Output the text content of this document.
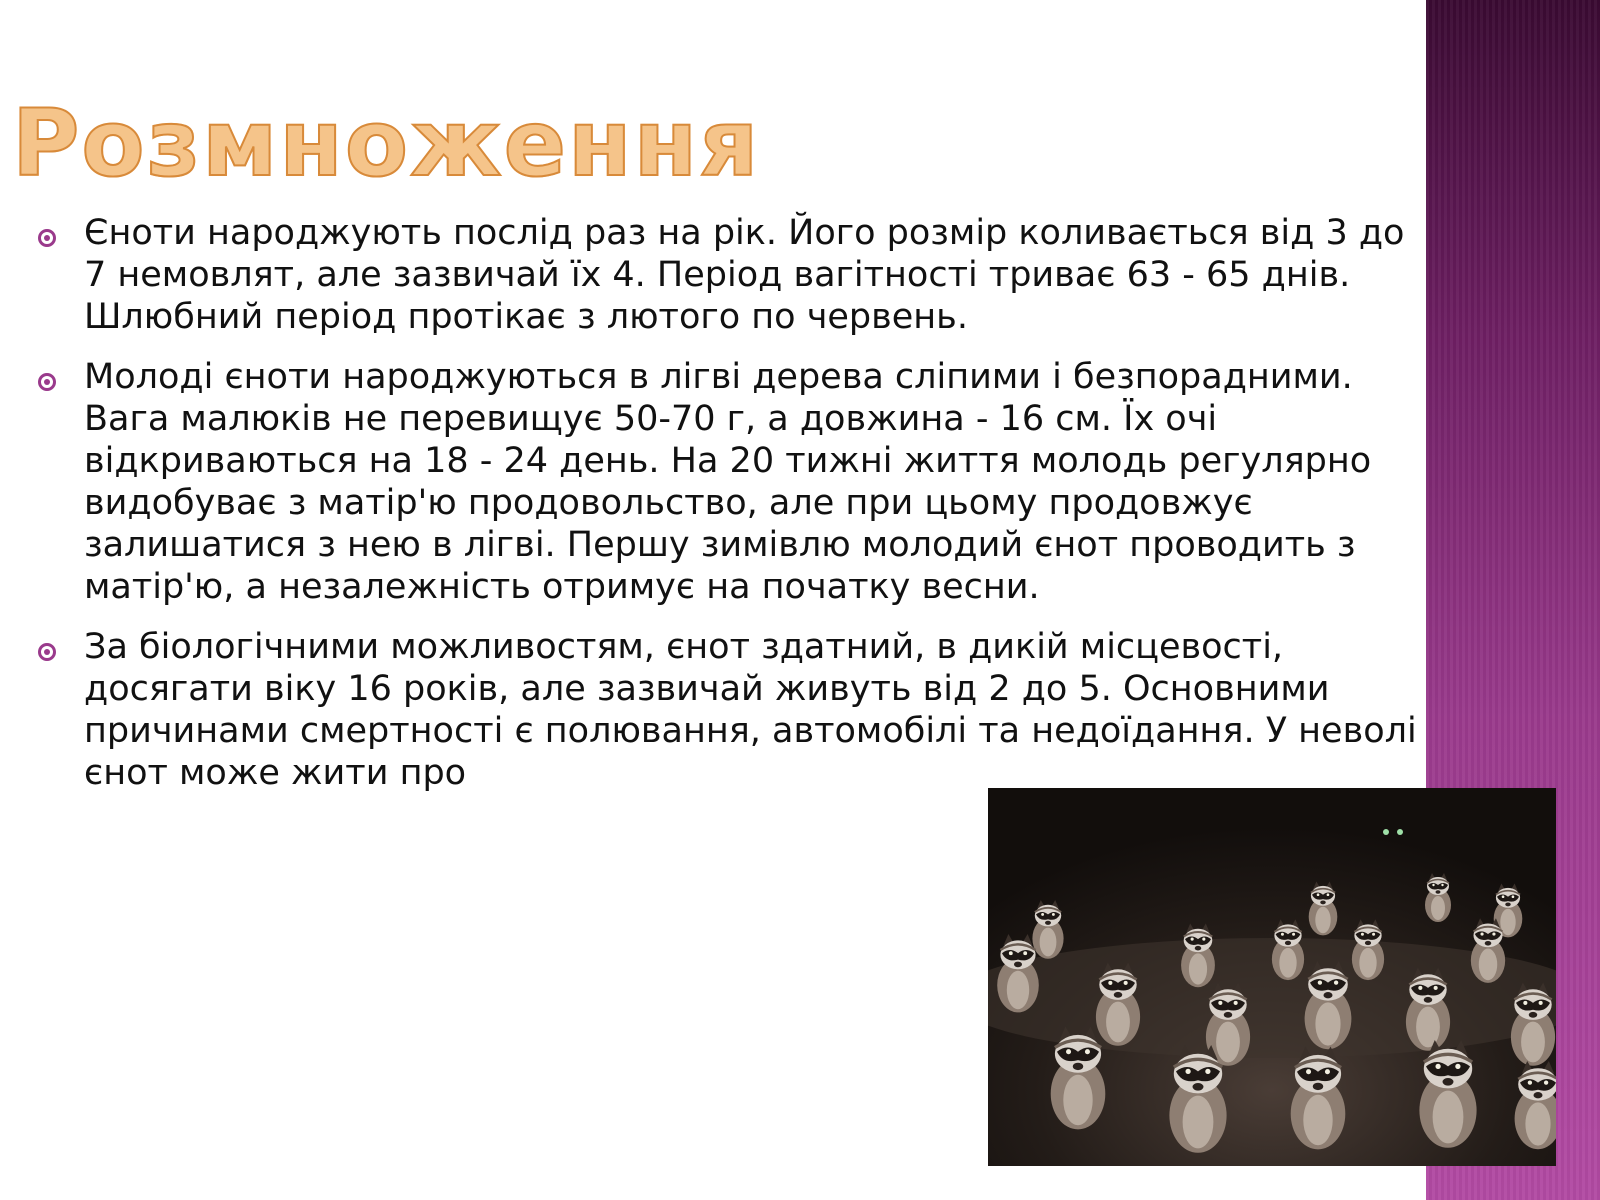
Розмноження
Єноти народжують послід раз на рік. Його розмір коливається від 3 до 7 немовлят, але зазвичай їх 4. Період вагітності триває 63 - 65 днів. Шлюбний період протікає з лютого по червень.
Молоді єноти народжуються в лігві дерева сліпими і безпорадними. Вага малюків не перевищує 50-70 г, а довжина - 16 см. Їх очі відкриваються на 18 - 24 день. На 20 тижні життя молодь регулярно видобуває з матір'ю продовольство, але при цьому продовжує залишатися з нею в лігві. Першу зимівлю молодий єнот проводить з матір'ю, а незалежність отримує на початку весни.
За біологічними можливостям, єнот здатний, в дикій місцевості, досягати віку 16 років, але зазвичай живуть від 2 до 5. Основними причинами смертності є полювання, автомобілі та недоїдання. У неволі єнот може жити про
